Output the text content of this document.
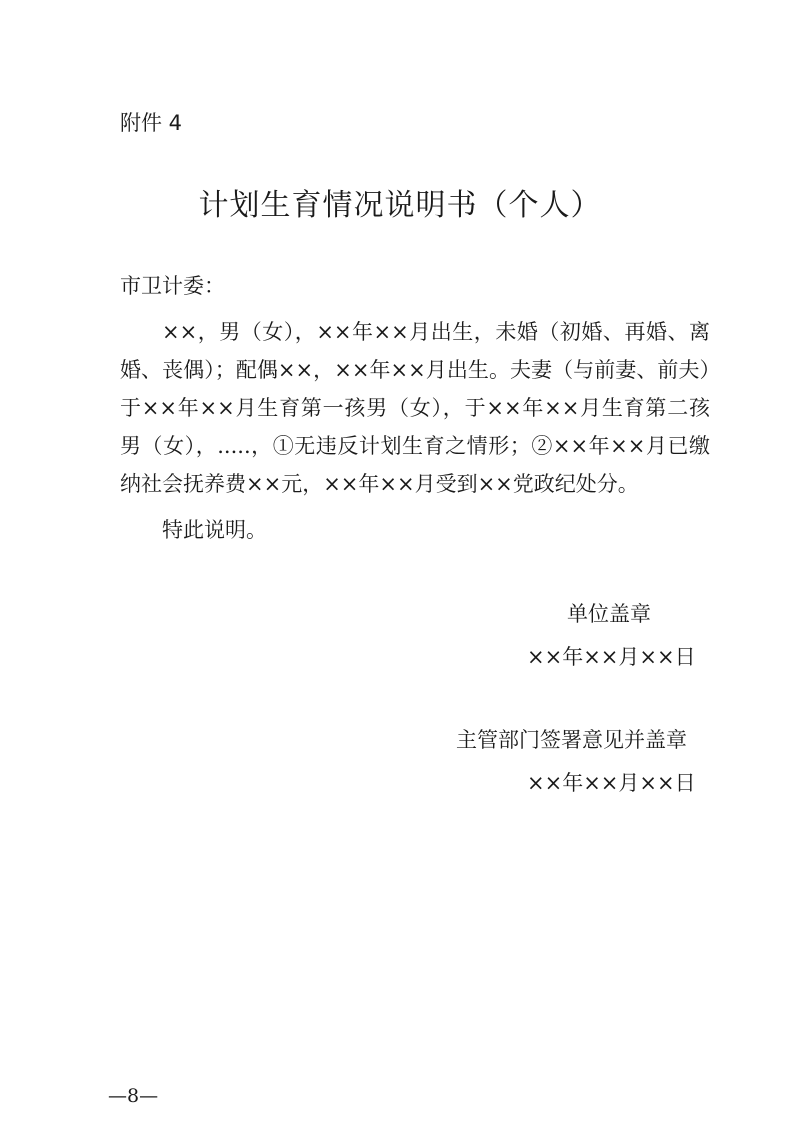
附件 4
计划生育情况说明书（个人）
市卫计委：

××，男（女），××年××月出生，未婚（初婚、再婚、离婚、丧偶）；配偶××，××年××月出生。夫妻（与前妻、前夫）于××年××月生育第一孩男（女），于××年××月生育第二孩男（女），.....，①无违反计划生育之情形；②××年××月已缴纳社会抚养费××元，××年××月受到××党政纪处分。

特此说明。
单位盖章
××年××月××日
主管部门签署意见并盖章
××年××月××日
—8—
